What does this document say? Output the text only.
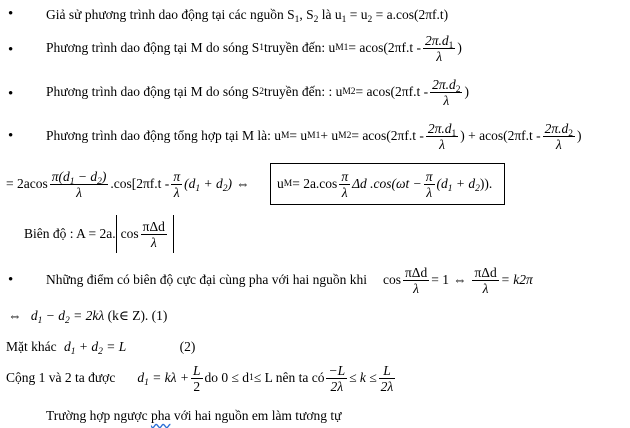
• Giả sử phương trình dao động tại các nguồn $S_1$, $S_2$ là $u_1 = u_2 = a.\cos(2\pi f.t)$
• Phương trình dao động tại M do sóng S 1 truyền đến: u $M1 = acos(2\pi f.t - \frac{2\pi.d_1}{\lambda}$ )
• Phương trình dao động tại M do sóng S 2 truyền đến: : u $M2 = acos(2\pi f.t - \frac{2\pi.d_2}{\lambda}$ )
• Phương trình dao động tổng hợp tại M là: u M = u M1 + u $M2 = acos(2\pi f.t - \frac{2\pi.d_1}{\lambda}$ ) + $acos(2\pi f.t - \frac{2\pi.d_2}{\lambda}$ )
= $2acos \frac{\pi(d_1 - d_2)}{\lambda} .\cos[2\pi f.t - \frac{\pi}{\lambda} (d_1 + d_2)$ ⇔ u $M = 2a.\cos \frac{\pi}{\lambda}$ Δd $.\cos(\omega t - \frac{\pi}{\lambda} (d_1 + d_2$ )).
Biên độ : A = 2a. $\cos \frac{\text{πΔd}}{\lambda}$
• Những điểm có biên độ cực đại cùng pha với hai nguồn khi $\cos \frac{\text{πΔd}}{\lambda} = 1$ ⇔ $\frac{\text{πΔd}}{\lambda} = k2\pi$
⇔ $d_1 - d_2 = 2k\lambda$ (k∈ Z). (1)
Mặt khác $d_1 + d_2 = L$	(2)
Cộng 1 và 2 ta được $d_1 = k\lambda + \frac{L}{2}$ do 0 ≤ d 1 ≤ L nên ta có $\frac{-L}{2\lambda} \le k \le \frac{L}{2\lambda}$
Trường hợp ngược pha với hai nguồn em làm tương tự
